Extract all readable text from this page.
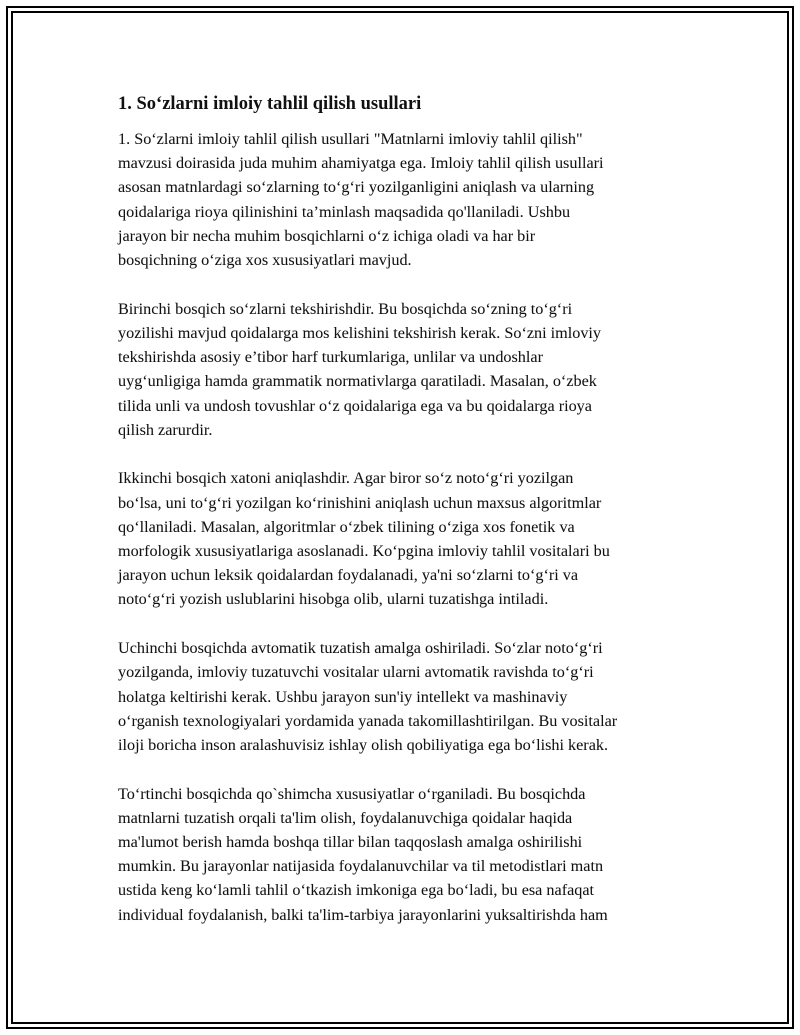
1. So‘zlarni imloiy tahlil qilish usullari

1. So‘zlarni imloiy tahlil qilish usullari "Matnlarni imloviy tahlil qilish"
mavzusi doirasida juda muhim ahamiyatga ega. Imloiy tahlil qilish usullari
asosan matnlardagi so‘zlarning to‘g‘ri yozilganligini aniqlash va ularning
qoidalariga rioya qilinishini ta’minlash maqsadida qo'llaniladi. Ushbu
jarayon bir necha muhim bosqichlarni o‘z ichiga oladi va har bir
bosqichning o‘ziga xos xususiyatlari mavjud.

Birinchi bosqich so‘zlarni tekshirishdir. Bu bosqichda so‘zning to‘g‘ri
yozilishi mavjud qoidalarga mos kelishini tekshirish kerak. So‘zni imloviy
tekshirishda asosiy e’tibor harf turkumlariga, unlilar va undoshlar
uyg‘unligiga hamda grammatik normativlarga qaratiladi. Masalan, o‘zbek
tilida unli va undosh tovushlar o‘z qoidalariga ega va bu qoidalarga rioya
qilish zarurdir.

Ikkinchi bosqich xatoni aniqlashdir. Agar biror so‘z noto‘g‘ri yozilgan
bo‘lsa, uni to‘g‘ri yozilgan ko‘rinishini aniqlash uchun maxsus algoritmlar
qo‘llaniladi. Masalan, algoritmlar o‘zbek tilining o‘ziga xos fonetik va
morfologik xususiyatlariga asoslanadi. Ko‘pgina imloviy tahlil vositalari bu
jarayon uchun leksik qoidalardan foydalanadi, ya'ni so‘zlarni to‘g‘ri va
noto‘g‘ri yozish uslublarini hisobga olib, ularni tuzatishga intiladi.

Uchinchi bosqichda avtomatik tuzatish amalga oshiriladi. So‘zlar noto‘g‘ri
yozilganda, imloviy tuzatuvchi vositalar ularni avtomatik ravishda to‘g‘ri
holatga keltirishi kerak. Ushbu jarayon sun'iy intellekt va mashinaviy
o‘rganish texnologiyalari yordamida yanada takomillashtirilgan. Bu vositalar
iloji boricha inson aralashuvisiz ishlay olish qobiliyatiga ega bo‘lishi kerak.

To‘rtinchi bosqichda qo`shimcha xususiyatlar o‘rganiladi. Bu bosqichda
matnlarni tuzatish orqali ta'lim olish, foydalanuvchiga qoidalar haqida
ma'lumot berish hamda boshqa tillar bilan taqqoslash amalga oshirilishi
mumkin. Bu jarayonlar natijasida foydalanuvchilar va til metodistlari matn
ustida keng ko‘lamli tahlil o‘tkazish imkoniga ega bo‘ladi, bu esa nafaqat
individual foydalanish, balki ta'lim-tarbiya jarayonlarini yuksaltirishda ham
